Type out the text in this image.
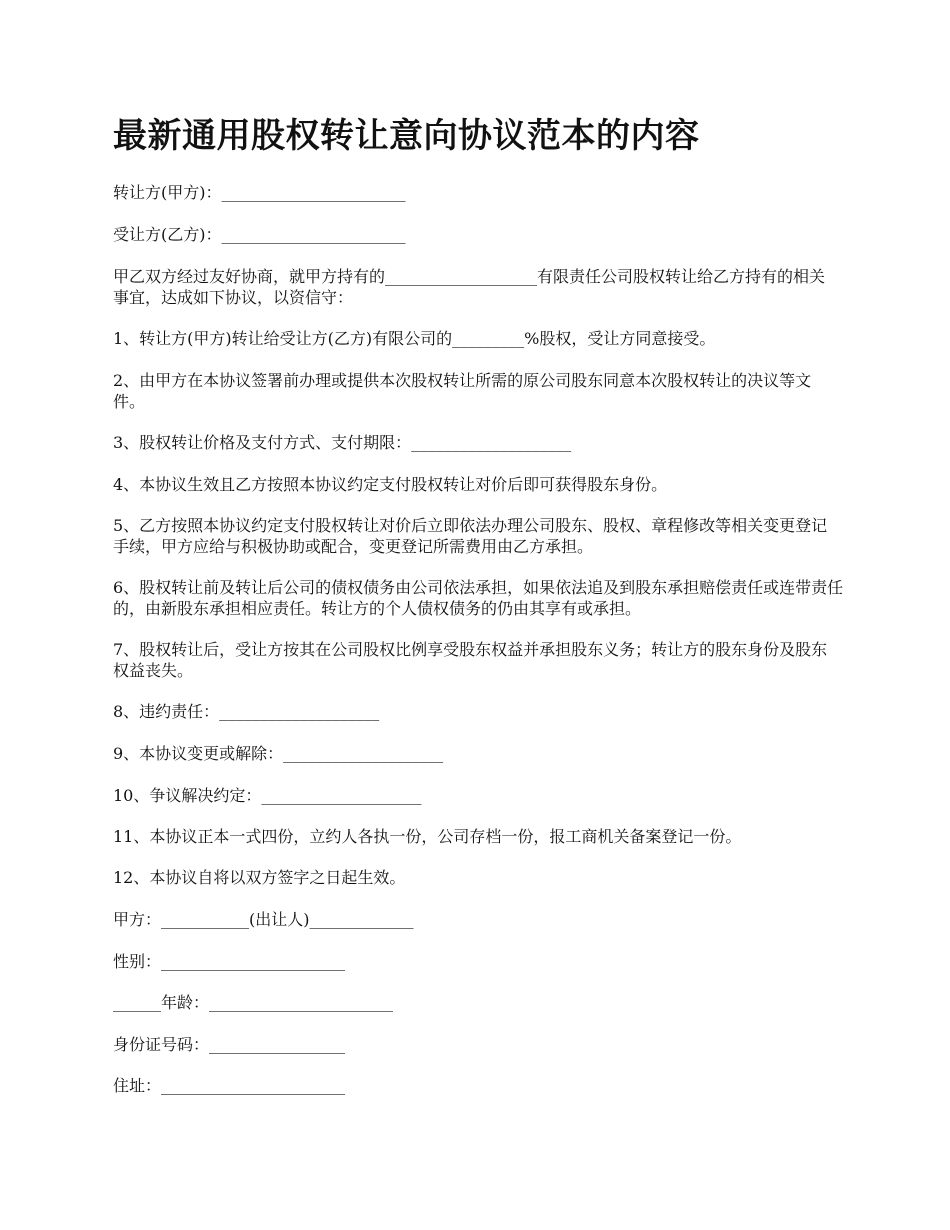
最新通用股权转让意向协议范本的内容

转让方(甲方)：_______________________

受让方(乙方)：_______________________

甲乙双方经过友好协商，就甲方持有的___________________有限责任公司股权转让给乙方持有的相关事宜，达成如下协议，以资信守：

1、转让方(甲方)转让给受让方(乙方)有限公司的_________%股权，受让方同意接受。

2、由甲方在本协议签署前办理或提供本次股权转让所需的原公司股东同意本次股权转让的决议等文件。

3、股权转让价格及支付方式、支付期限：____________________

4、本协议生效且乙方按照本协议约定支付股权转让对价后即可获得股东身份。

5、乙方按照本协议约定支付股权转让对价后立即依法办理公司股东、股权、章程修改等相关变更登记手续，甲方应给与积极协助或配合，变更登记所需费用由乙方承担。

6、股权转让前及转让后公司的债权债务由公司依法承担，如果依法追及到股东承担赔偿责任或连带责任的，由新股东承担相应责任。转让方的个人债权债务的仍由其享有或承担。

7、股权转让后，受让方按其在公司股权比例享受股东权益并承担股东义务；转让方的股东身份及股东权益丧失。

8、违约责任：____________________

9、本协议变更或解除：____________________

10、争议解决约定：____________________

11、本协议正本一式四份，立约人各执一份，公司存档一份，报工商机关备案登记一份。

12、本协议自将以双方签字之日起生效。

甲方：___________(出让人)_____________

性别：_______________________

______年龄：_______________________

身份证号码：_________________

住址：_______________________
